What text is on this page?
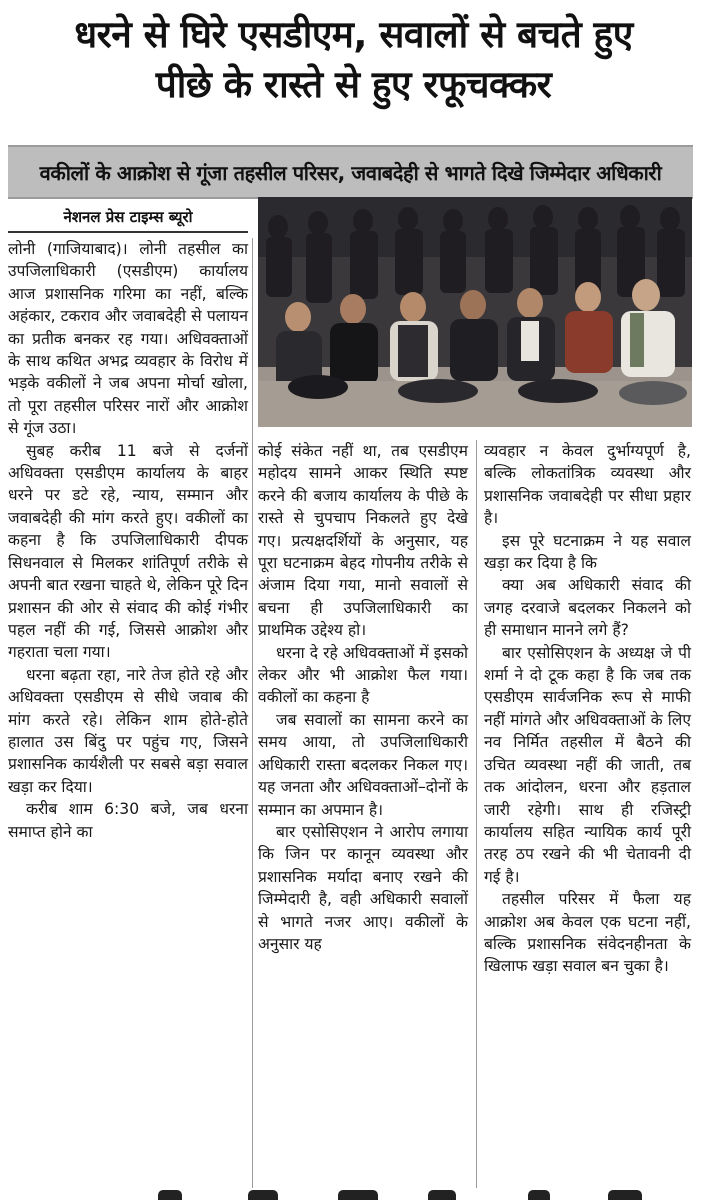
धरने से घिरे एसडीएम, सवालों से बचते हुए
पीछे के रास्ते से हुए रफूचक्कर
वकीलों के आक्रोश से गूंजा तहसील परिसर, जवाबदेही से भागते दिखे जिम्मेदार अधिकारी
नेशनल प्रेस टाइम्स ब्यूरो

लोनी (गाजियाबाद)। लोनी तहसील का उपजिलाधिकारी (एसडीएम) कार्यालय आज प्रशासनिक गरिमा का नहीं, बल्कि अहंकार, टकराव और जवाबदेही से पलायन का प्रतीक बनकर रह गया। अधिवक्ताओं के साथ कथित अभद्र व्यवहार के विरोध में भड़के वकीलों ने जब अपना मोर्चा खोला, तो पूरा तहसील परिसर नारों और आक्रोश से गूंज उठा।

सुबह करीब 11 बजे से दर्जनों अधिवक्ता एसडीएम कार्यालय के बाहर धरने पर डटे रहे, न्याय, सम्मान और जवाबदेही की मांग करते हुए। वकीलों का कहना है कि उपजिलाधिकारी दीपक सिधनवाल से मिलकर शांतिपूर्ण तरीके से अपनी बात रखना चाहते थे, लेकिन पूरे दिन प्रशासन की ओर से संवाद की कोई गंभीर पहल नहीं की गई, जिससे आक्रोश और गहराता चला गया।

धरना बढ़ता रहा, नारे तेज होते रहे और अधिवक्ता एसडीएम से सीधे जवाब की मांग करते रहे। लेकिन शाम होते-होते हालात उस बिंदु पर पहुंच गए, जिसने प्रशासनिक कार्यशैली पर सबसे बड़ा सवाल खड़ा कर दिया।

करीब शाम 6:30 बजे, जब धरना समाप्त होने का

कोई संकेत नहीं था, तब एसडीएम महोदय सामने आकर स्थिति स्पष्ट करने की बजाय कार्यालय के पीछे के रास्ते से चुपचाप निकलते हुए देखे गए। प्रत्यक्षदर्शियों के अनुसार, यह पूरा घटनाक्रम बेहद गोपनीय तरीके से अंजाम दिया गया, मानो सवालों से बचना ही उपजिलाधिकारी का प्राथमिक उद्देश्य हो।

धरना दे रहे अधिवक्ताओं में इसको लेकर और भी आक्रोश फैल गया। वकीलों का कहना है

जब सवालों का सामना करने का समय आया, तो उपजिलाधिकारी अधिकारी रास्ता बदलकर निकल गए। यह जनता और अधिवक्ताओं–दोनों के सम्मान का अपमान है।

बार एसोसिएशन ने आरोप लगाया कि जिन पर कानून व्यवस्था और प्रशासनिक मर्यादा बनाए रखने की जिम्मेदारी है, वही अधिकारी सवालों से भागते नजर आए। वकीलों के अनुसार यह

व्यवहार न केवल दुर्भाग्यपूर्ण है, बल्कि लोकतांत्रिक व्यवस्था और प्रशासनिक जवाबदेही पर सीधा प्रहार है।

इस पूरे घटनाक्रम ने यह सवाल खड़ा कर दिया है कि

क्या अब अधिकारी संवाद की जगह दरवाजे बदलकर निकलने को ही समाधान मानने लगे हैं?

बार एसोसिएशन के अध्यक्ष जे पी शर्मा ने दो टूक कहा है कि जब तक एसडीएम सार्वजनिक रूप से माफी नहीं मांगते और अधिवक्ताओं के लिए नव निर्मित तहसील में बैठने की उचित व्यवस्था नहीं की जाती, तब तक आंदोलन, धरना और हड़ताल जारी रहेगी। साथ ही रजिस्ट्री कार्यालय सहित न्यायिक कार्य पूरी तरह ठप रखने की भी चेतावनी दी गई है।

तहसील परिसर में फैला यह आक्रोश अब केवल एक घटना नहीं, बल्कि प्रशासनिक संवेदनहीनता के खिलाफ खड़ा सवाल बन चुका है।
